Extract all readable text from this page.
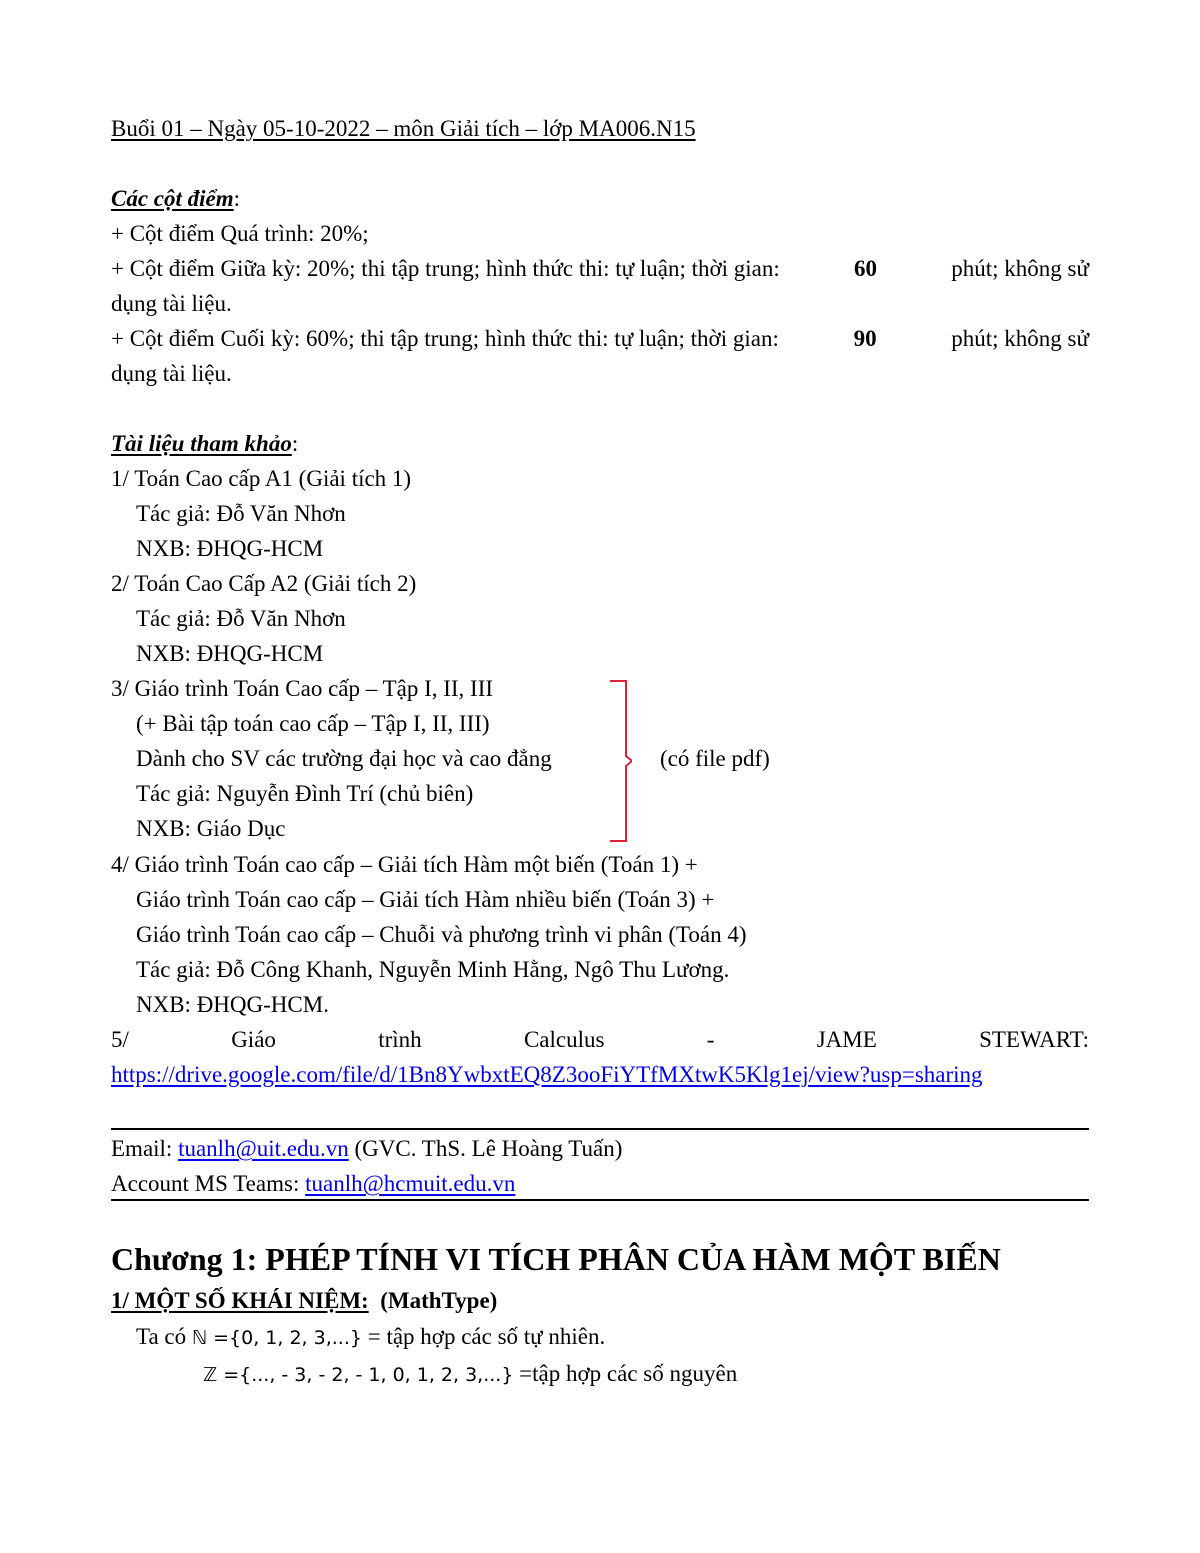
Buổi 01 – Ngày 05-10-2022 – môn Giải tích – lớp MA006.N15
Các cột điểm:
+ Cột điểm Quá trình: 20%;
+ Cột điểm Giữa kỳ: 20%; thi tập trung; hình thức thi: tự luận; thời gian:	60	phút; không sử
dụng tài liệu.
+ Cột điểm Cuối kỳ: 60%; thi tập trung; hình thức thi: tự luận; thời gian:	90	phút; không sử
dụng tài liệu.
Tài liệu tham khảo:
1/ Toán Cao cấp A1 (Giải tích 1)
Tác giả: Đỗ Văn Nhơn
NXB: ĐHQG-HCM
2/ Toán Cao Cấp A2 (Giải tích 2)
Tác giả: Đỗ Văn Nhơn
NXB: ĐHQG-HCM
3/ Giáo trình Toán Cao cấp – Tập I, II, III
(+ Bài tập toán cao cấp – Tập I, II, III)
Dành cho SV các trường đại học và cao đẳng
Tác giả: Nguyễn Đình Trí (chủ biên)
NXB: Giáo Dục
(có file pdf)
4/ Giáo trình Toán cao cấp – Giải tích Hàm một biến (Toán 1) +
Giáo trình Toán cao cấp – Giải tích Hàm nhiều biến (Toán 3) +
Giáo trình Toán cao cấp – Chuỗi và phương trình vi phân (Toán 4)
Tác giả: Đỗ Công Khanh, Nguyễn Minh Hằng, Ngô Thu Lương.
NXB: ĐHQG-HCM.
5/	Giáo	trình	Calculus	-	JAME	STEWART:
https://drive.google.com/file/d/1Bn8YwbxtEQ8Z3ooFiYTfMXtwK5Klg1ej/view?usp=sharing
Email: tuanlh@uit.edu.vn (GVC. ThS. Lê Hoàng Tuấn)
Account MS Teams: tuanlh@hcmuit.edu.vn
Chương 1: PHÉP TÍNH VI TÍCH PHÂN CỦA HÀM MỘT BIẾN
1/ MỘT SỐ KHÁI NIỆM: (MathType)
Ta có ℕ ={0, 1, 2, 3,...} = tập hợp các số tự nhiên.
ℤ ={..., - 3, - 2, - 1, 0, 1, 2, 3,...} =tập hợp các số nguyên
